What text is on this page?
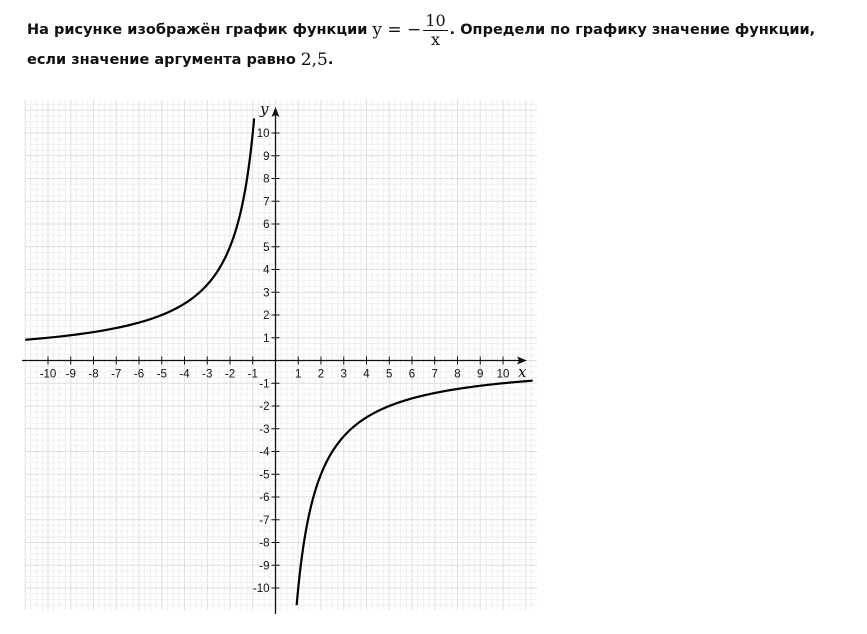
На рисунке изображён график функции y = − $\frac{10}{x}$ . Определи по графику значение функции,
если значение аргумента равно 2,5 .
x
y
-10 -9 -8 -7 -6 -5 -4 -3 -2 -1	1 2 3 4 5 6 7 8 9 10
10
9
8
7
6
5
4
3
2
1
-1
-2
-3
-4
-5
-6
-7
-8
-9
-10
